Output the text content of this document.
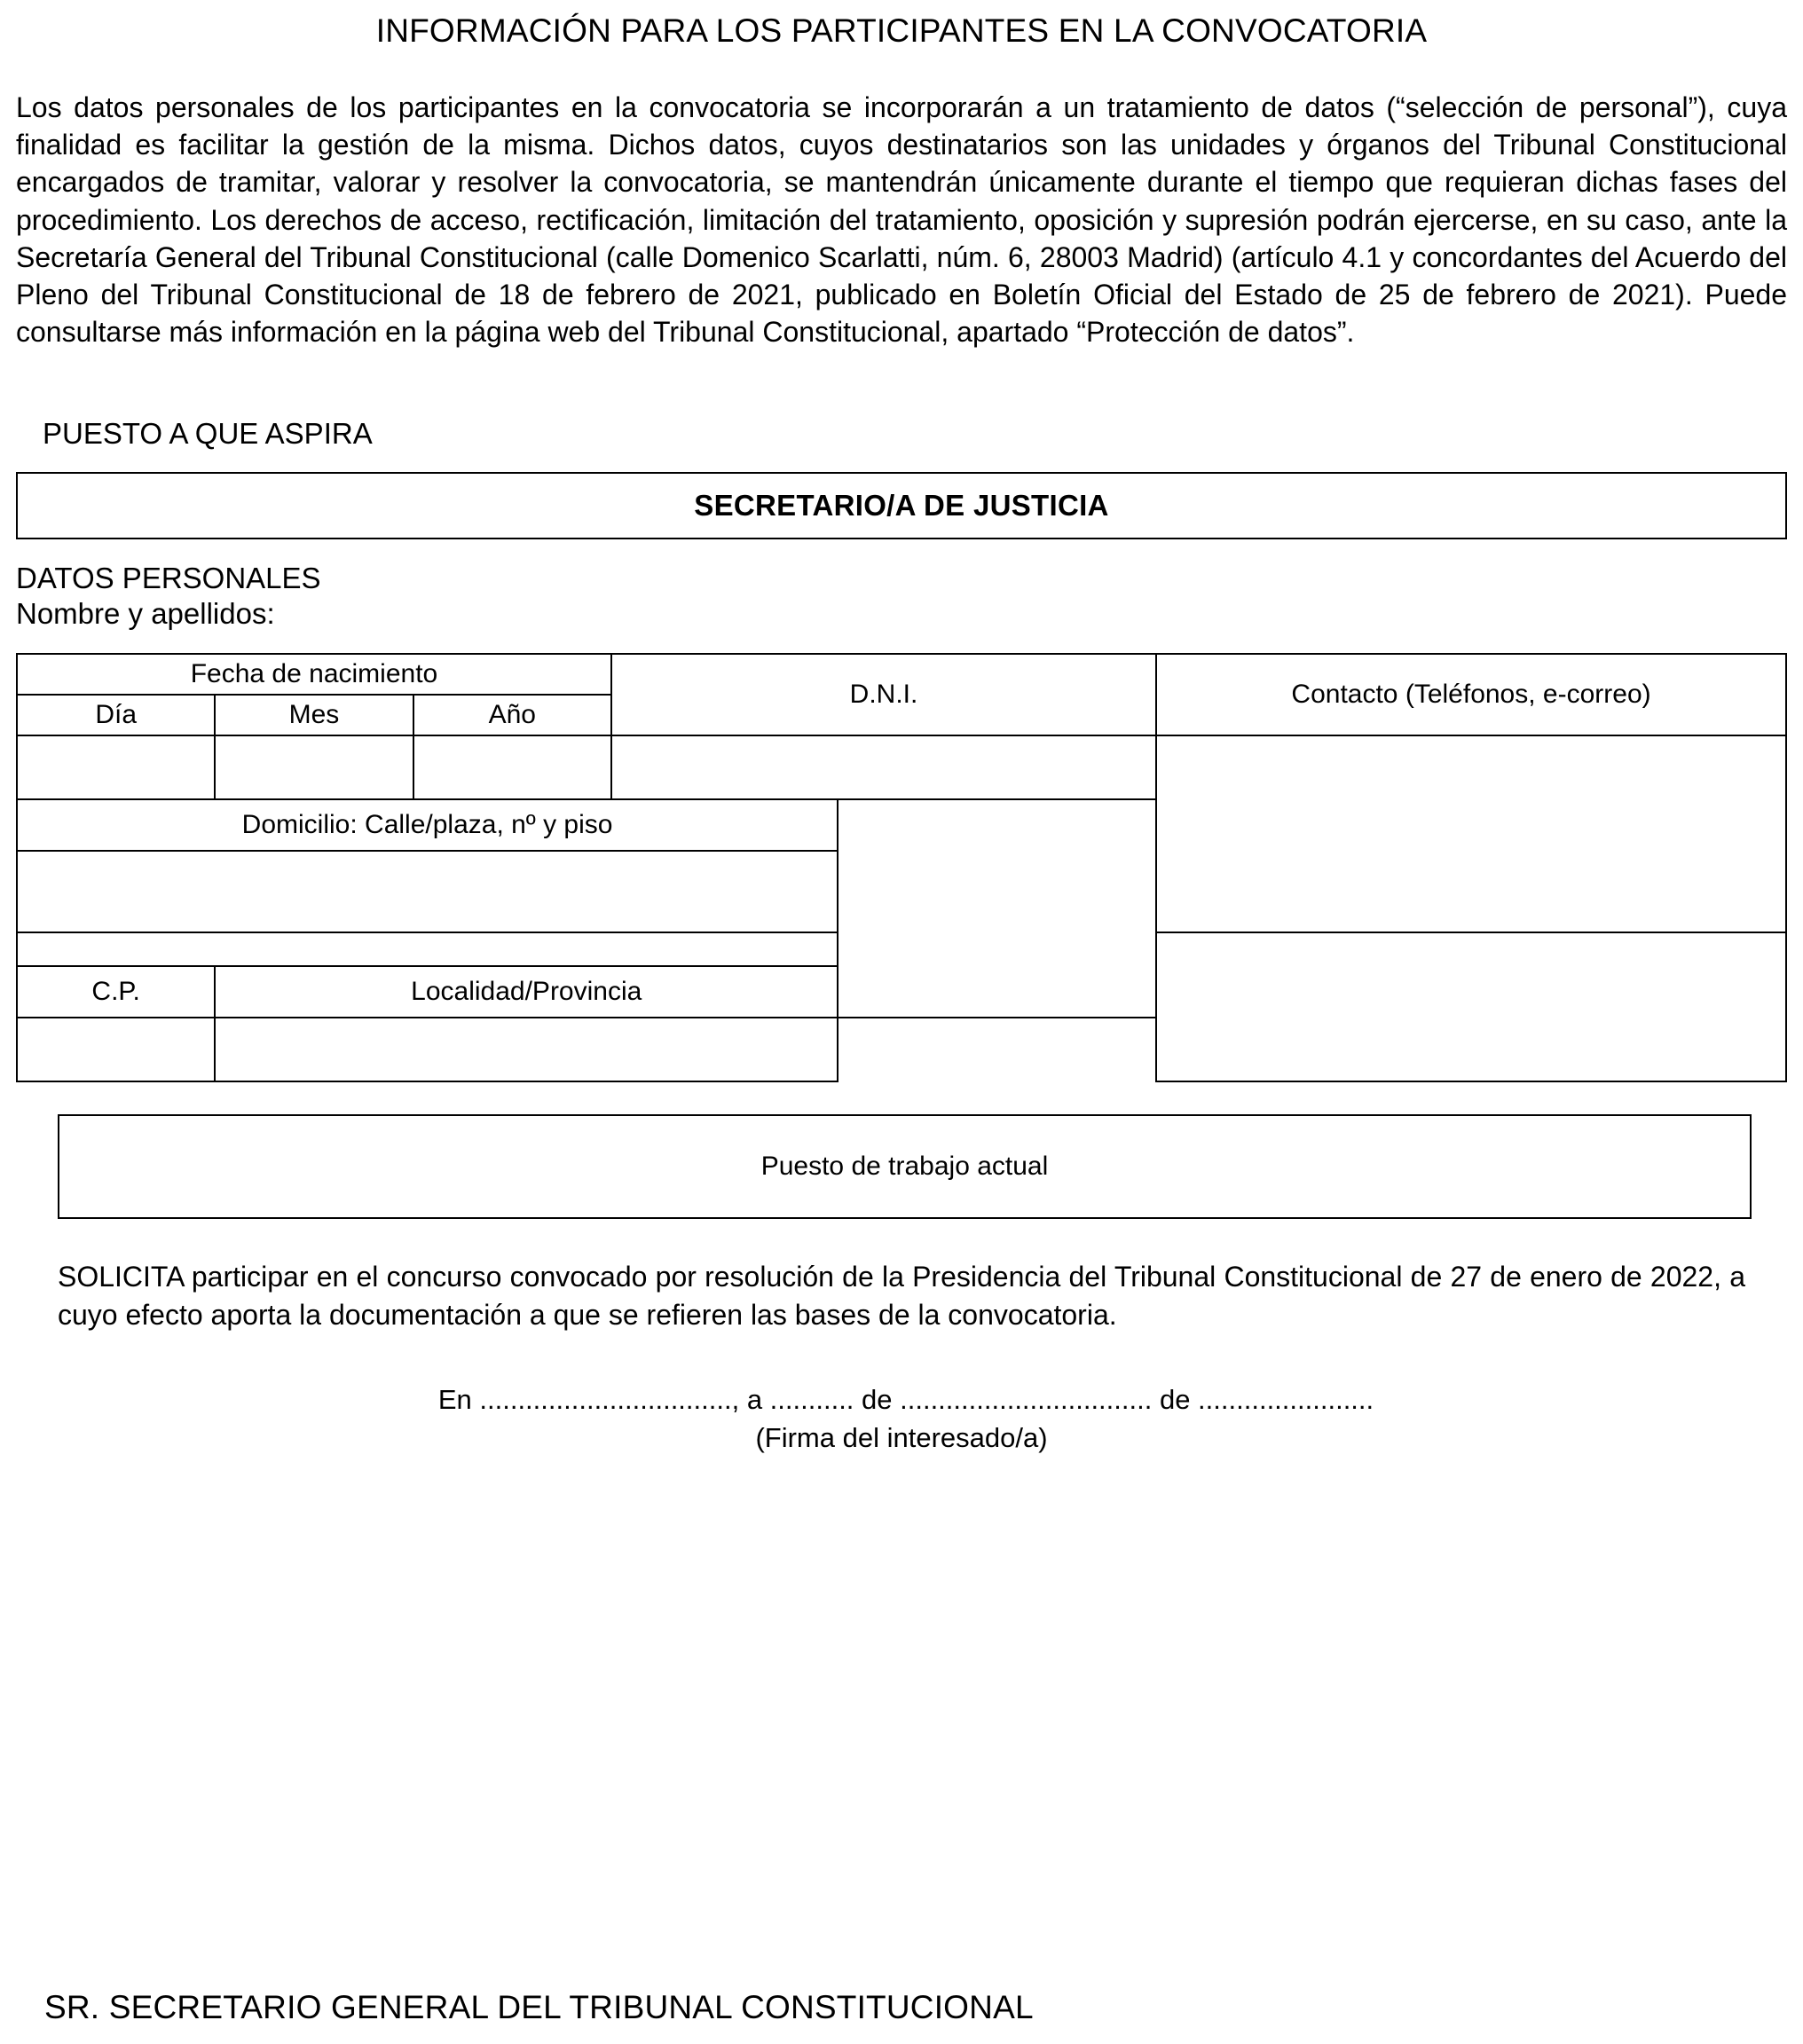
INFORMACIÓN PARA LOS PARTICIPANTES EN LA CONVOCATORIA

Los datos personales de los participantes en la convocatoria se incorporarán a un tratamiento de datos (“selección de personal”), cuya finalidad es facilitar la gestión de la misma. Dichos datos, cuyos destinatarios son las unidades y órganos del Tribunal Constitucional encargados de tramitar, valorar y resolver la convocatoria, se mantendrán únicamente durante el tiempo que requieran dichas fases del procedimiento. Los derechos de acceso, rectificación, limitación del tratamiento, oposición y supresión podrán ejercerse, en su caso, ante la Secretaría General del Tribunal Constitucional (calle Domenico Scarlatti, núm. 6, 28003 Madrid) (artículo 4.1 y concordantes del Acuerdo del Pleno del Tribunal Constitucional de 18 de febrero de 2021, publicado en Boletín Oficial del Estado de 25 de febrero de 2021). Puede consultarse más información en la página web del Tribunal Constitucional, apartado “Protección de datos”.

PUESTO A QUE ASPIRA
SECRETARIO/A DE JUSTICIA
DATOS PERSONALES
Nombre y apellidos:
Fecha de nacimiento			D.N.I.		Contacto (Teléfonos, e-correo)
Día	Mes	Año			

Domicilio: Calle/plaza, nº y piso					

C.P.	Localidad/Provincia				

Puesto de trabajo actual

SOLICITA participar en el concurso convocado por resolución de la Presidencia del Tribunal Constitucional de 27 de enero de 2022, a cuyo efecto aporta la documentación a que se refieren las bases de la convocatoria.

En ................................., a ........... de ................................. de .......................
(Firma del interesado/a)
SR. SECRETARIO GENERAL DEL TRIBUNAL CONSTITUCIONAL
